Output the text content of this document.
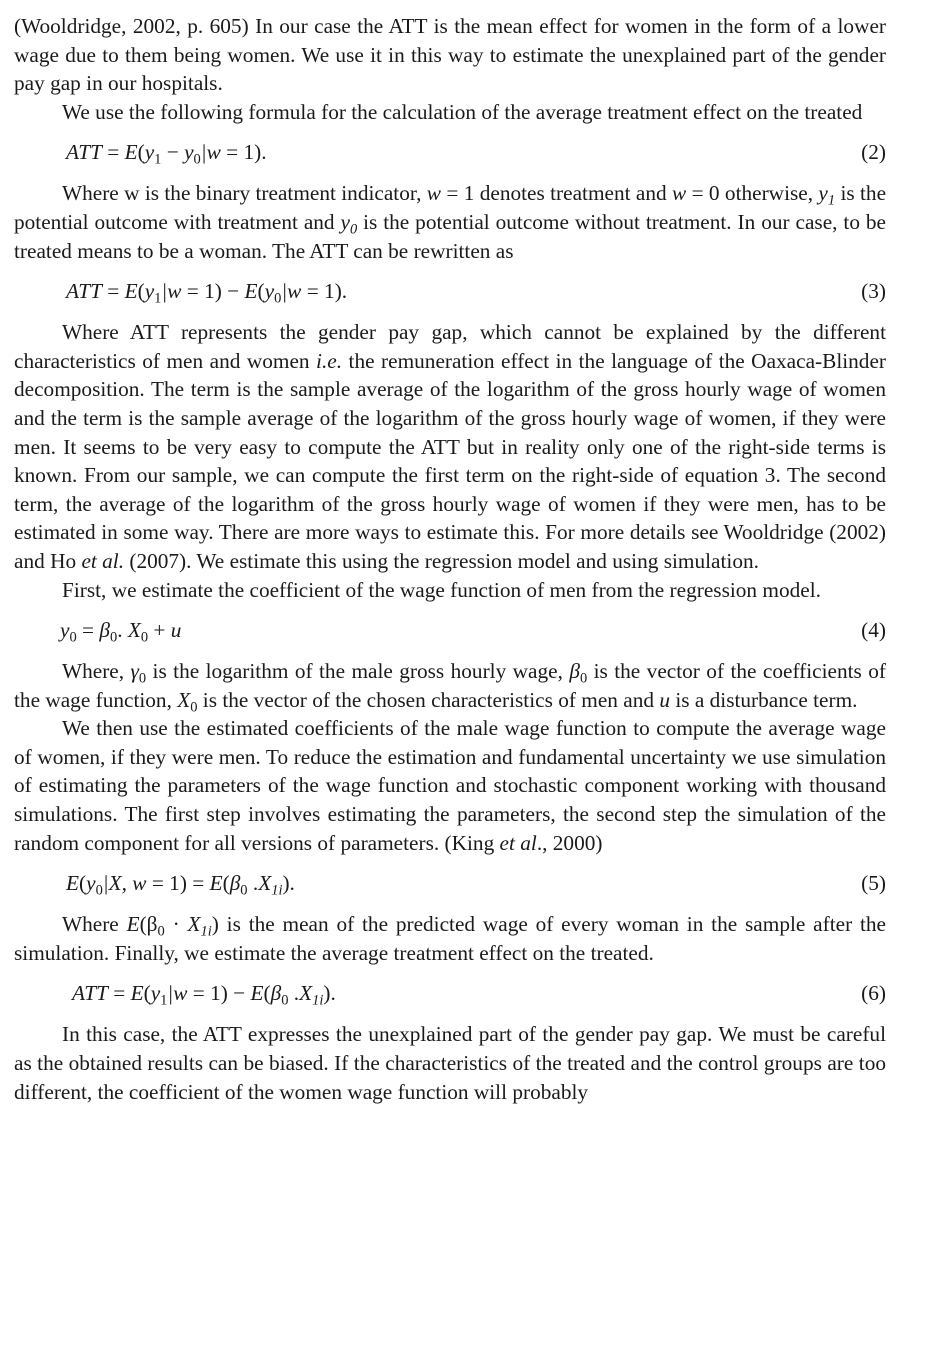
(Wooldridge, 2002, p. 605) In our case the ATT is the mean effect for women in the form of a lower wage due to them being women. We use it in this way to estimate the unexplained part of the gender pay gap in our hospitals.

We use the following formula for the calculation of the average treatment effect on the treated

ATT = $E(y_1 - y_0|w = 1)$.	(2)

Where w is the binary treatment indicator, w = 1 denotes treatment and w = 0 otherwise, $y_1$ is the potential outcome with treatment and $y_0$ is the potential outcome without treatment. In our case, to be treated means to be a woman. The ATT can be rewritten as

ATT = $E(y_1|w = 1) - E(y_0|w = 1)$.	(3)

Where ATT represents the gender pay gap, which cannot be explained by the different characteristics of men and women i.e. the remuneration effect in the language of the Oaxaca-Blinder decomposition. The term is the sample average of the logarithm of the gross hourly wage of women and the term is the sample average of the logarithm of the gross hourly wage of women, if they were men. It seems to be very easy to compute the ATT but in reality only one of the right-side terms is known. From our sample, we can compute the first term on the right-side of equation 3. The second term, the average of the logarithm of the gross hourly wage of women if they were men, has to be estimated in some way. There are more ways to estimate this. For more details see Wooldridge (2002) and Ho et al. (2007). We estimate this using the regression model and using simulation.

First, we estimate the coefficient of the wage function of men from the regression model.

$y_0 = \beta_0$. $X_0 + u$	(4)

Where, $\gamma_0$ is the logarithm of the male gross hourly wage, $\beta_0$ is the vector of the coefficients of the wage function, $X_0$ is the vector of the chosen characteristics of men and u is a disturbance term.

We then use the estimated coefficients of the male wage function to compute the average wage of women, if they were men. To reduce the estimation and fundamental uncertainty we use simulation of estimating the parameters of the wage function and stochastic component working with thousand simulations. The first step involves estimating the parameters, the second step the simulation of the random component for all versions of parameters. (King et al., 2000)

$E(y_0|X$, $w = 1) = E(\beta_0$ $.X_{1i}$).	(5)

Where $E(\beta_0 \cdot X_{1i})$ is the mean of the predicted wage of every woman in the sample after the simulation. Finally, we estimate the average treatment effect on the treated.

ATT = $E(y_1|w = 1) - E(\beta_0$ $.X_{1i}$).	(6)

In this case, the ATT expresses the unexplained part of the gender pay gap. We must be careful as the obtained results can be biased. If the characteristics of the treated and the control groups are too different, the coefficient of the women wage function will probably
